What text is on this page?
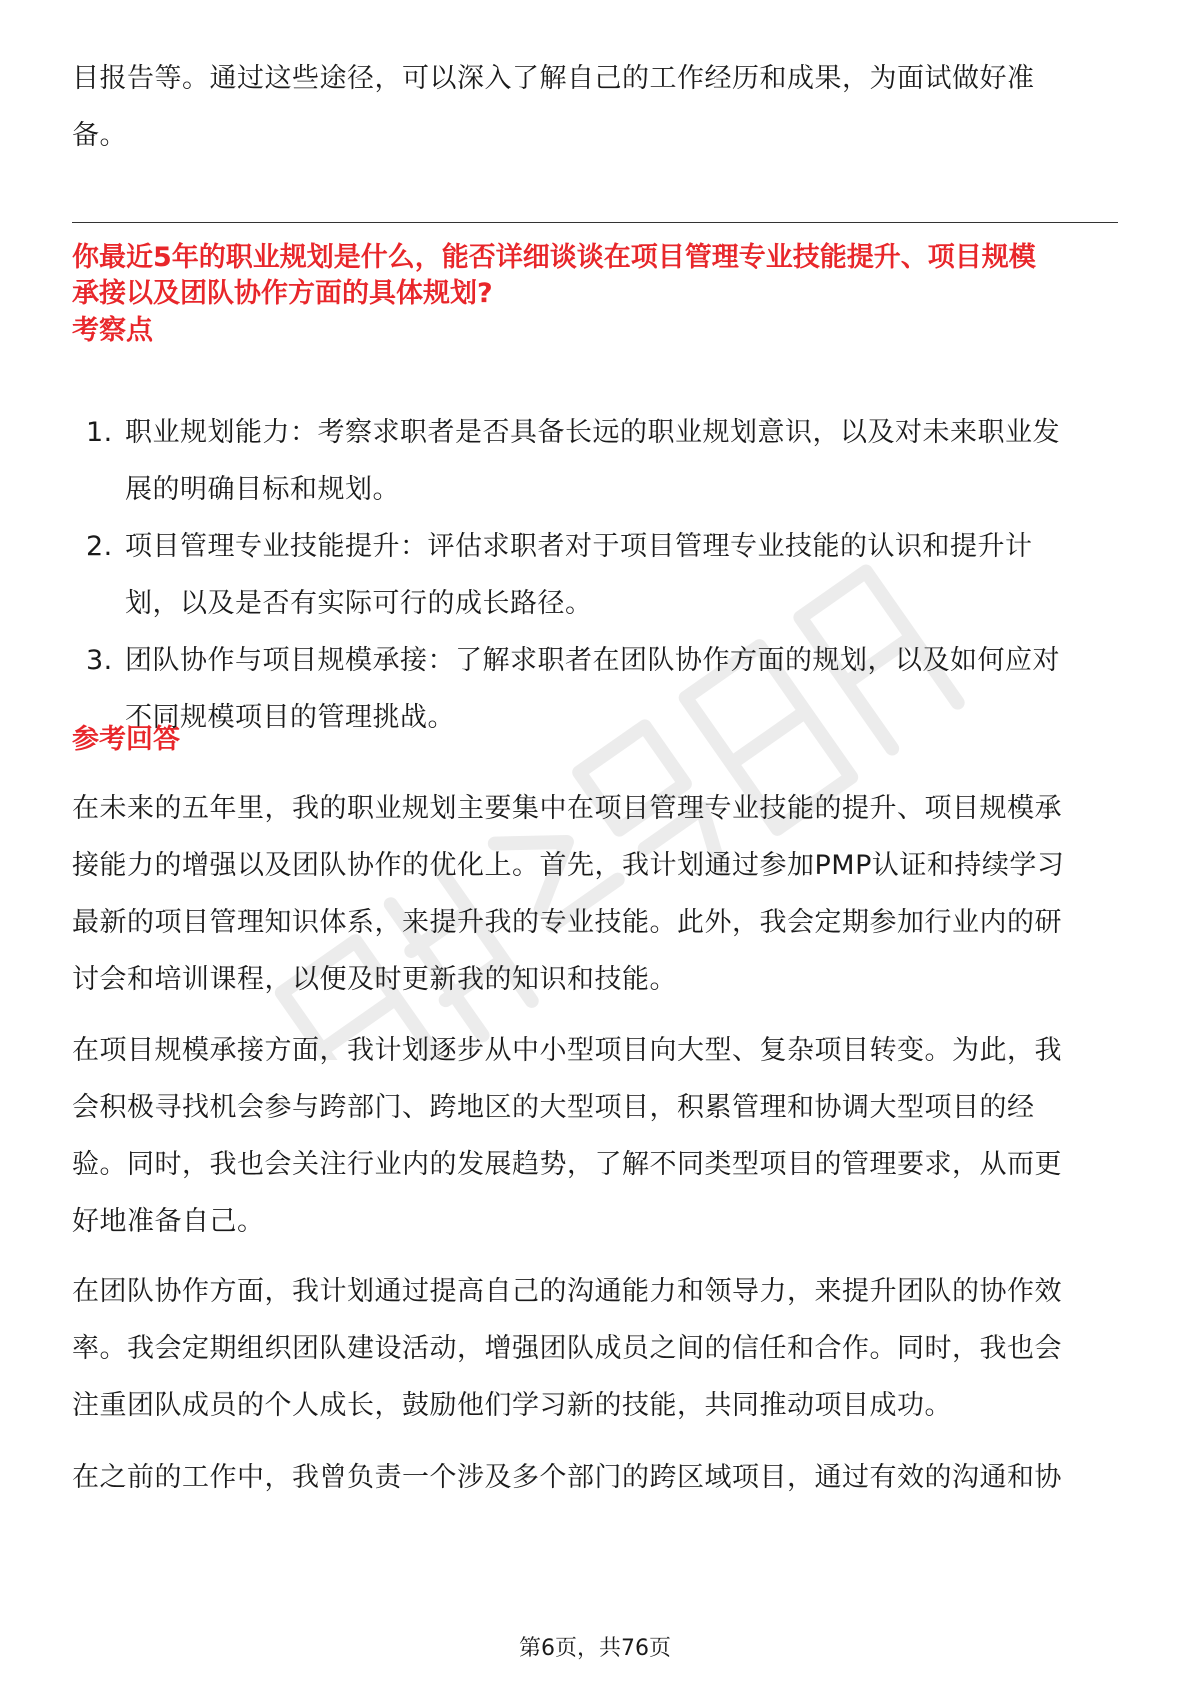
目报告等。通过这些途径，可以深入了解自己的工作经历和成果，为面试做好准
备。
你最近5年的职业规划是什么，能否详细谈谈在项目管理专业技能提升、项目规模
承接以及团队协作方面的具体规划?
考察点
1. 职业规划能力：考察求职者是否具备长远的职业规划意识，以及对未来职业发
展的明确目标和规划。
2. 项目管理专业技能提升：评估求职者对于项目管理专业技能的认识和提升计
划，以及是否有实际可行的成长路径。
3. 团队协作与项目规模承接：了解求职者在团队协作方面的规划，以及如何应对
不同规模项目的管理挑战。
参考回答
在未来的五年里，我的职业规划主要集中在项目管理专业技能的提升、项目规模承
接能力的增强以及团队协作的优化上。首先，我计划通过参加PMP认证和持续学习
最新的项目管理知识体系，来提升我的专业技能。此外，我会定期参加行业内的研
讨会和培训课程，以便及时更新我的知识和技能。
在项目规模承接方面，我计划逐步从中小型项目向大型、复杂项目转变。为此，我
会积极寻找机会参与跨部门、跨地区的大型项目，积累管理和协调大型项目的经
验。同时，我也会关注行业内的发展趋势，了解不同类型项目的管理要求，从而更
好地准备自己。
在团队协作方面，我计划通过提高自己的沟通能力和领导力，来提升团队的协作效
率。我会定期组织团队建设活动，增强团队成员之间的信任和合作。同时，我也会
注重团队成员的个人成长，鼓励他们学习新的技能，共同推动项目成功。
在之前的工作中，我曾负责一个涉及多个部门的跨区域项目，通过有效的沟通和协
第6页，共76页
